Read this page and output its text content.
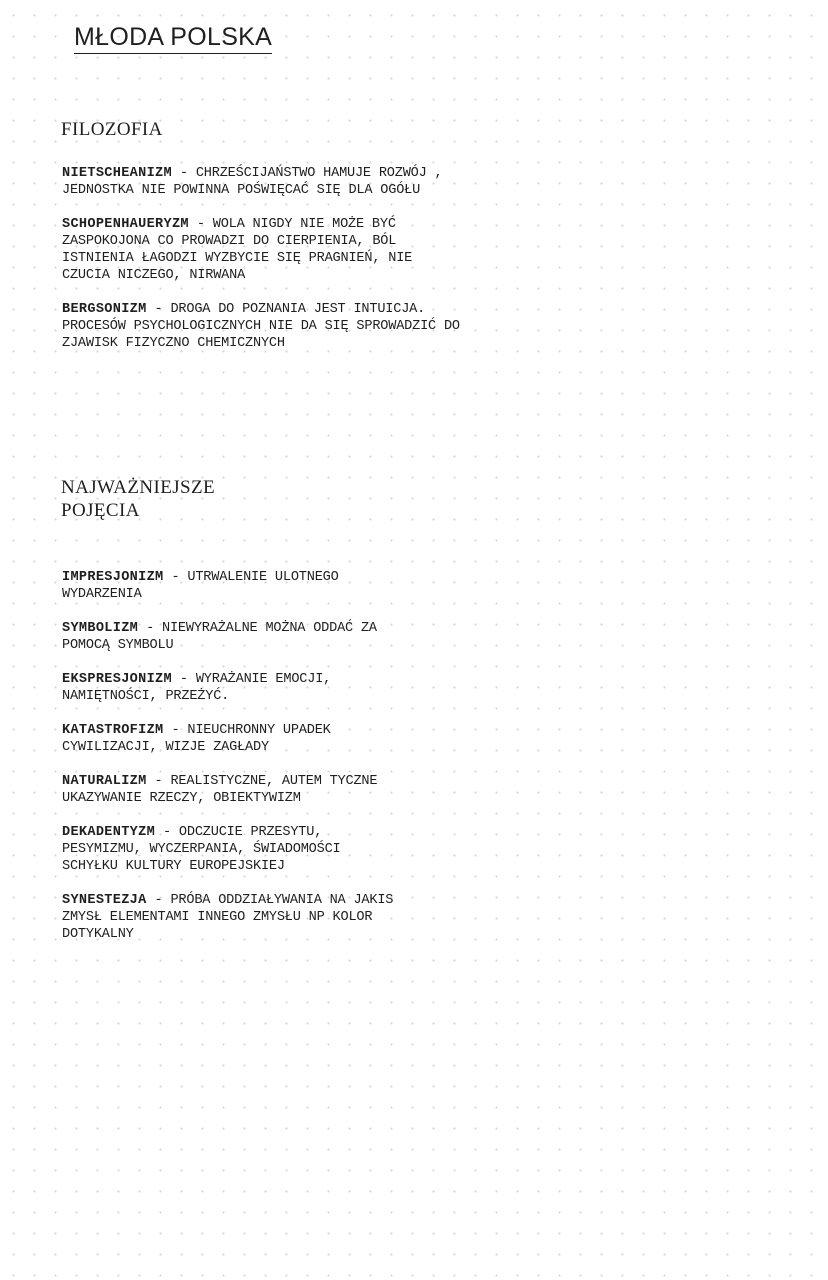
MŁODA POLSKA
FILOZOFIA
NIETSCHEANIZM - CHRZEŚCIJAŃSTWO HAMUJE ROZWÓJ , JEDNOSTKA NIE POWINNA POŚWIĘCAĆ SIĘ DLA OGÓŁU
SCHOPENHAUERYZM - WOLA NIGDY NIE MOŻE BYĆ ZASPOKOJONA CO PROWADZI DO CIERPIENIA, BÓL ISTNIENIA ŁAGODZI WYZBYCIE SIĘ PRAGNIEŃ, NIE CZUCIA NICZEGO, NIRWANA
BERGSONIZM - DROGA DO POZNANIA JEST INTUICJA. PROCESÓW PSYCHOLOGICZNYCH NIE DA SIĘ SPROWADZIĆ DO ZJAWISK FIZYCZNO CHEMICZNYCH
NAJWAŻNIEJSZE POJĘCIA
IMPRESJONIZM - UTRWALENIE ULOTNEGO WYDARZENIA
SYMBOLIZM - NIEWYRAŻALNE MOŻNA ODDAĆ ZA POMOCĄ SYMBOLU
EKSPRESJONIZM - WYRAŻANIE EMOCJI, NAMIĘTNOŚCI, PRZEŻYĆ.
KATASTROFIZM - NIEUCHRONNY UPADEK CYWILIZACJI, WIZJE ZAGŁADY
NATURALIZM - REALISTYCZNE, AUTEM TYCZNE UKAZYWANIE RZECZY, OBIEKTYWIZM
DEKADENTYZM - ODCZUCIE PRZESYTU, PESYMIZMU, WYCZERPANIA, ŚWIADOMOŚCI SCHYŁKU KULTURY EUROPEJSKIEJ
SYNESTEZJA - PRÓBA ODDZIAŁYWANIA NA JAKIS ZMYSŁ ELEMENTAMI INNEGO ZMYSŁU NP KOLOR DOTYKALNY
